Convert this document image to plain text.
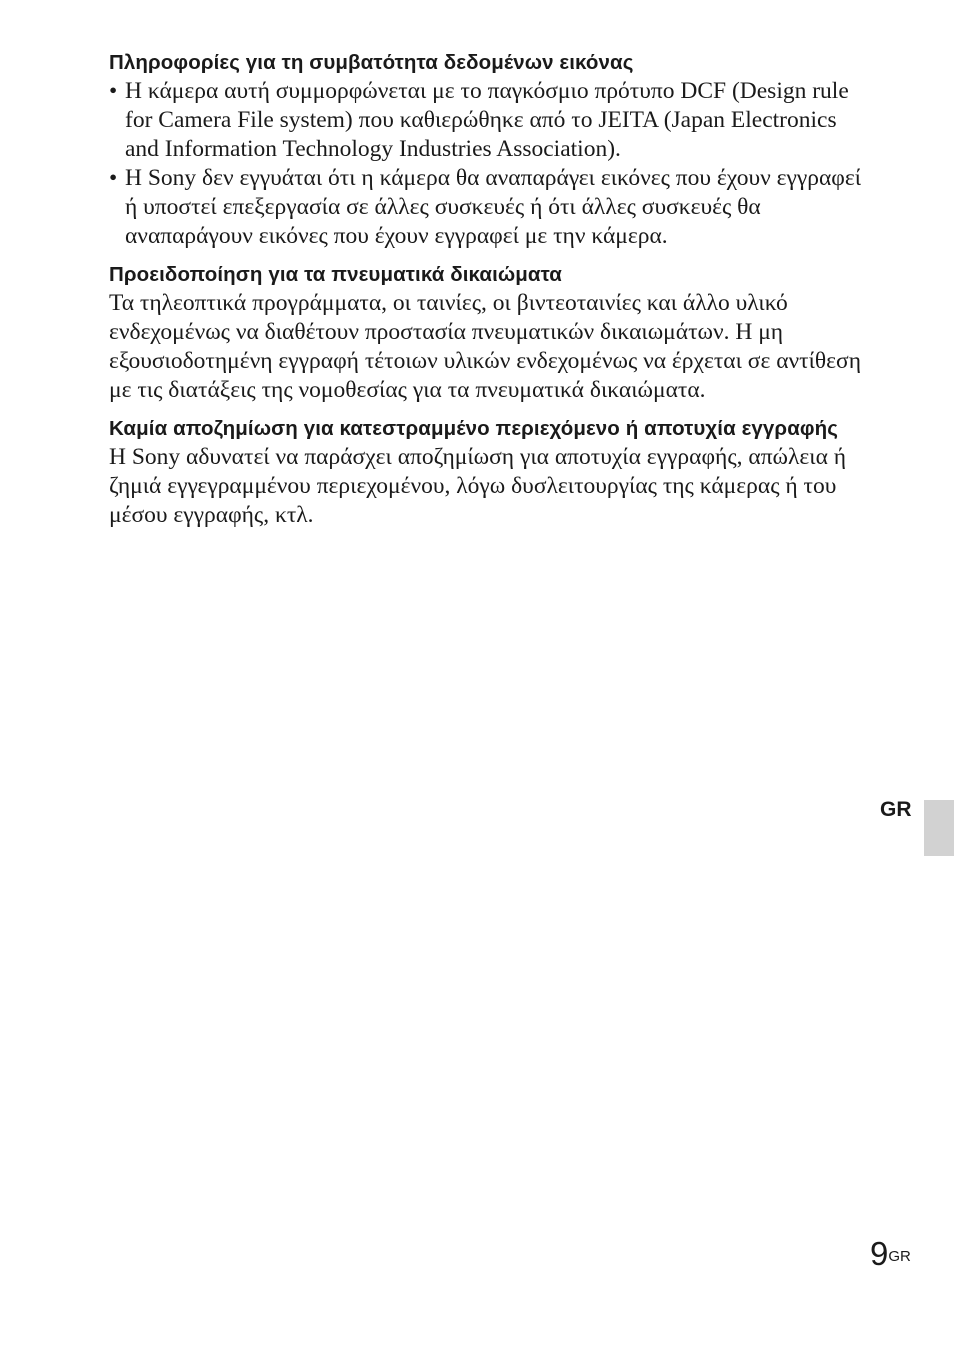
Πληροφορίες για τη συμβατότητα δεδομένων εικόνας
• Η κάμερα αυτή συμμορφώνεται με το παγκόσμιο πρότυπο DCF (Design rule for Camera File system) που καθιερώθηκε από το JEITA (Japan Electronics and Information Technology Industries Association).
• Η Sony δεν εγγυάται ότι η κάμερα θα αναπαράγει εικόνες που έχουν εγγραφεί ή υποστεί επεξεργασία σε άλλες συσκευές ή ότι άλλες συσκευές θα αναπαράγουν εικόνες που έχουν εγγραφεί με την κάμερα.
Προειδοποίηση για τα πνευματικά δικαιώματα

Τα τηλεοπτικά προγράμματα, οι ταινίες, οι βιντεοταινίες και άλλο υλικό ενδεχομένως να διαθέτουν προστασία πνευματικών δικαιωμάτων. Η μη εξουσιοδοτημένη εγγραφή τέτοιων υλικών ενδεχομένως να έρχεται σε αντίθεση με τις διατάξεις της νομοθεσίας για τα πνευματικά δικαιώματα.

Καμία αποζημίωση για κατεστραμμένο περιεχόμενο ή αποτυχία εγγραφής

Η Sony αδυνατεί να παράσχει αποζημίωση για αποτυχία εγγραφής, απώλεια ή ζημιά εγγεγραμμένου περιεχομένου, λόγω δυσλειτουργίας της κάμερας ή του μέσου εγγραφής, κτλ.

GR
$9^{GR}$
